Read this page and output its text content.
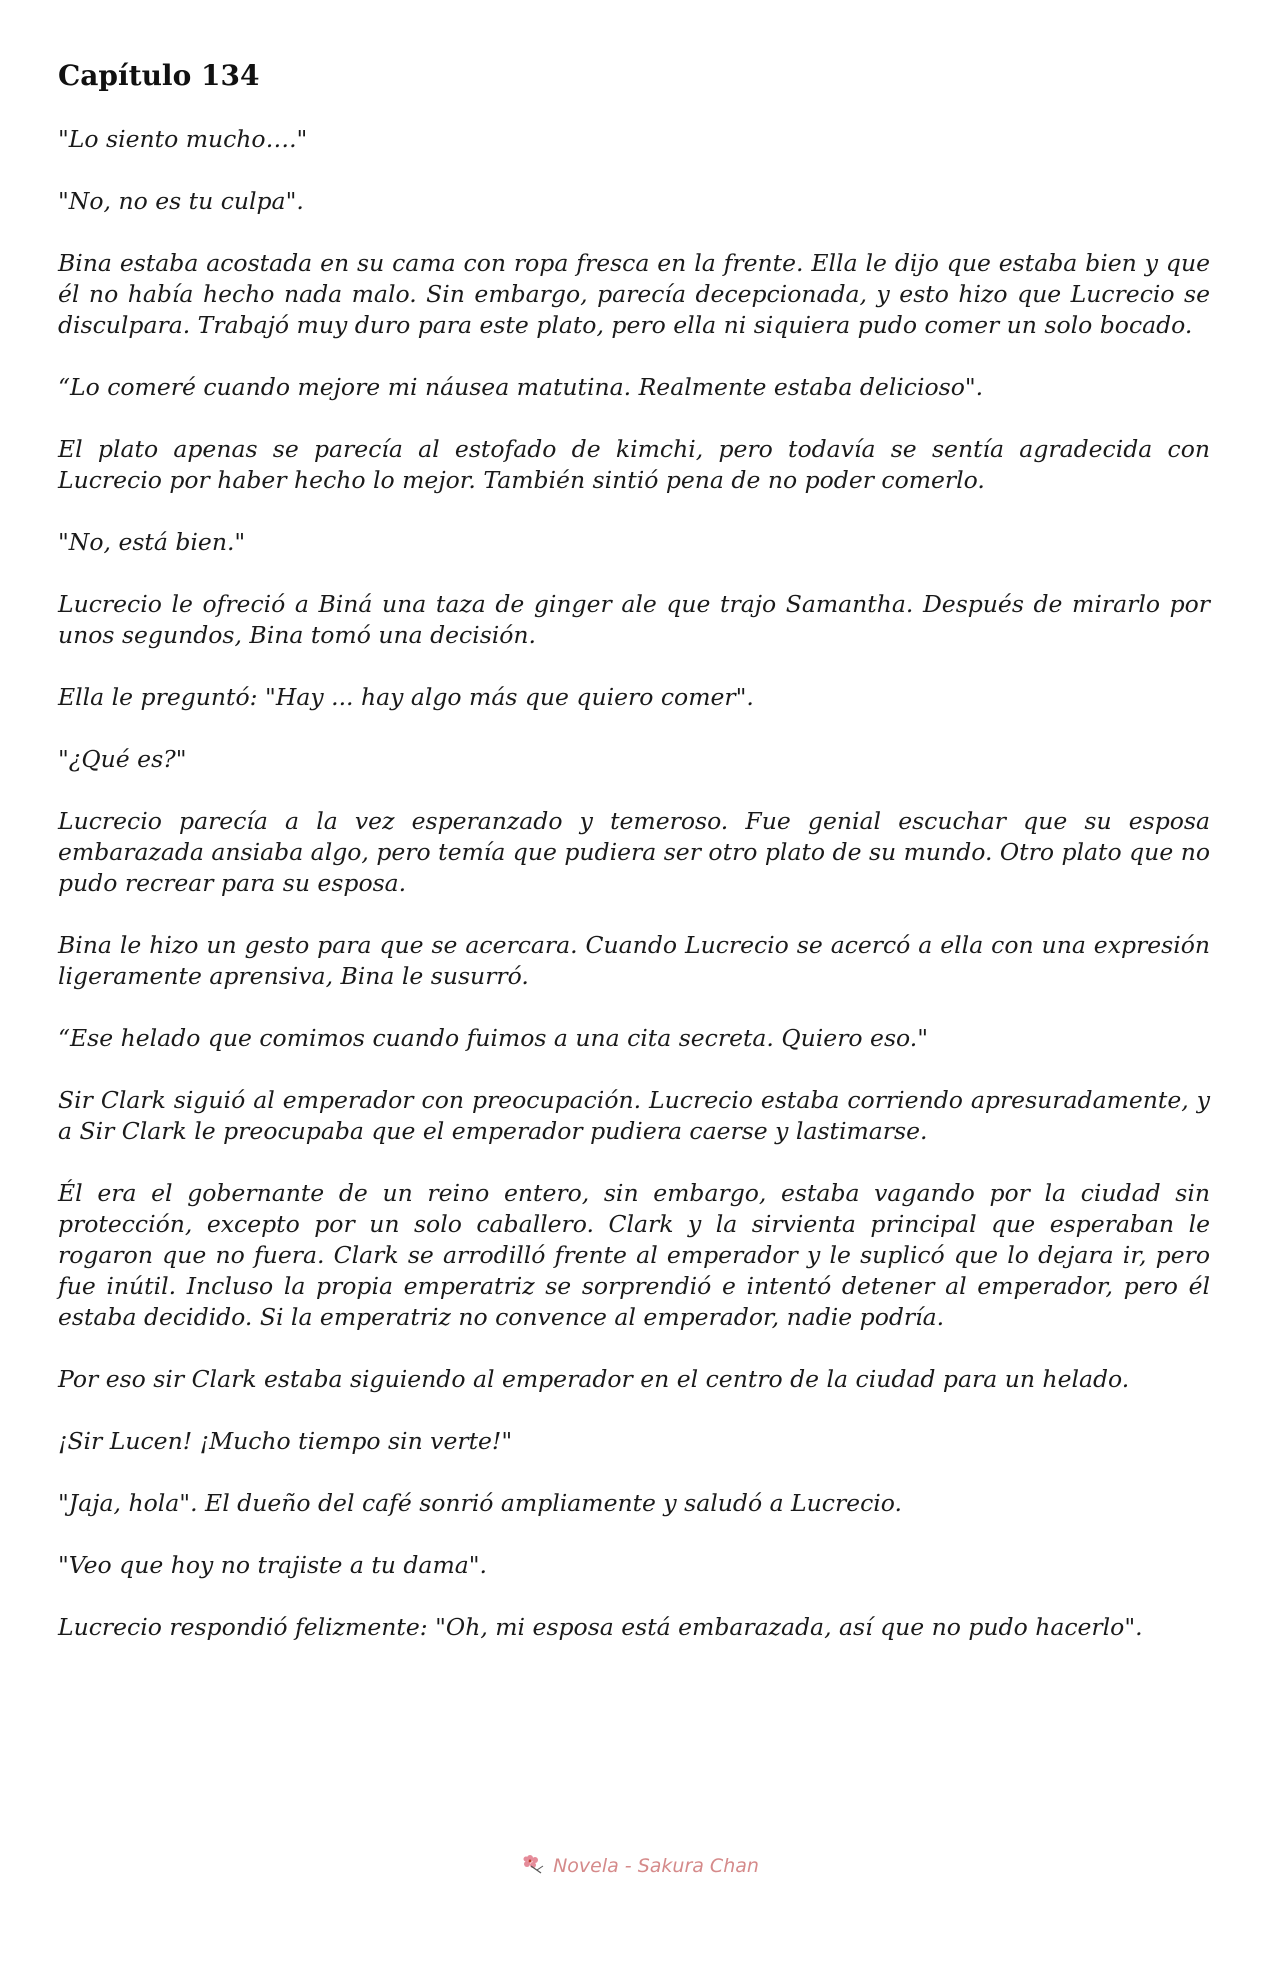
Capítulo 134

"Lo siento mucho…."

"No, no es tu culpa".

Bina estaba acostada en su cama con ropa fresca en la frente. Ella le dijo que estaba bien y que él no había hecho nada malo. Sin embargo, parecía decepcionada, y esto hizo que Lucrecio se disculpara. Trabajó muy duro para este plato, pero ella ni siquiera pudo comer un solo bocado.

“Lo comeré cuando mejore mi náusea matutina. Realmente estaba delicioso".

El plato apenas se parecía al estofado de kimchi, pero todavía se sentía agradecida con Lucrecio por haber hecho lo mejor. También sintió pena de no poder comerlo.

"No, está bien."

Lucrecio le ofreció a Biná una taza de ginger ale que trajo Samantha. Después de mirarlo por unos segundos, Bina tomó una decisión.

Ella le preguntó: "Hay ... hay algo más que quiero comer".

"¿Qué es?"

Lucrecio parecía a la vez esperanzado y temeroso. Fue genial escuchar que su esposa embarazada ansiaba algo, pero temía que pudiera ser otro plato de su mundo. Otro plato que no pudo recrear para su esposa.

Bina le hizo un gesto para que se acercara. Cuando Lucrecio se acercó a ella con una expresión ligeramente aprensiva, Bina le susurró.

“Ese helado que comimos cuando fuimos a una cita secreta. Quiero eso."

Sir Clark siguió al emperador con preocupación. Lucrecio estaba corriendo apresuradamente, y a Sir Clark le preocupaba que el emperador pudiera caerse y lastimarse.

Él era el gobernante de un reino entero, sin embargo, estaba vagando por la ciudad sin protección, excepto por un solo caballero. Clark y la sirvienta principal que esperaban le rogaron que no fuera. Clark se arrodilló frente al emperador y le suplicó que lo dejara ir, pero fue inútil. Incluso la propia emperatriz se sorprendió e intentó detener al emperador, pero él estaba decidido. Si la emperatriz no convence al emperador, nadie podría.

Por eso sir Clark estaba siguiendo al emperador en el centro de la ciudad para un helado.

¡Sir Lucen! ¡Mucho tiempo sin verte!"

"Jaja, hola". El dueño del café sonrió ampliamente y saludó a Lucrecio.

"Veo que hoy no trajiste a tu dama".

Lucrecio respondió felizmente: "Oh, mi esposa está embarazada, así que no pudo hacerlo".

Novela - Sakura Chan
